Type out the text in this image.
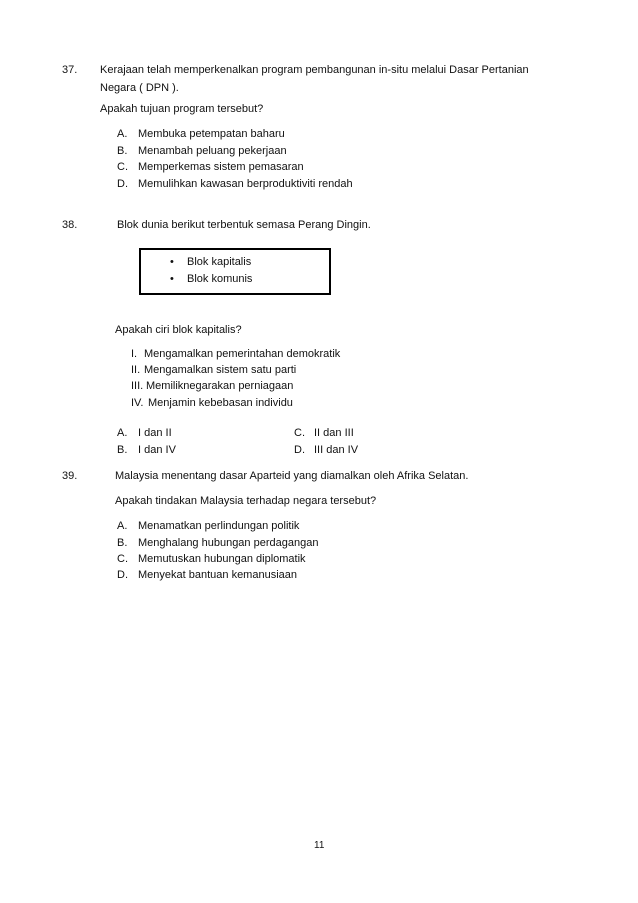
37. Kerajaan telah memperkenalkan program pembangunan in-situ melalui Dasar Pertanian
Negara ( DPN ).
Apakah tujuan program tersebut?
A. Membuka petempatan baharu
B. Menambah peluang pekerjaan
C. Memperkemas sistem pemasaran
D. Memulihkan kawasan berproduktiviti rendah
38.	Blok dunia berikut terbentuk semasa Perang Dingin.
• Blok kapitalis
• Blok komunis
Apakah ciri blok kapitalis?
I. Mengamalkan pemerintahan demokratik
II. Mengamalkan sistem satu parti
III. Memiliknegarakan perniagaan
IV. Menjamin kebebasan individu
A. I dan II
B. I dan IV
C. II dan III
D. III dan IV
39.	Malaysia menentang dasar Aparteid yang diamalkan oleh Afrika Selatan.
Apakah tindakan Malaysia terhadap negara tersebut?
A. Menamatkan perlindungan politik
B. Menghalang hubungan perdagangan
C. Memutuskan hubungan diplomatik
D. Menyekat bantuan kemanusiaan
11
